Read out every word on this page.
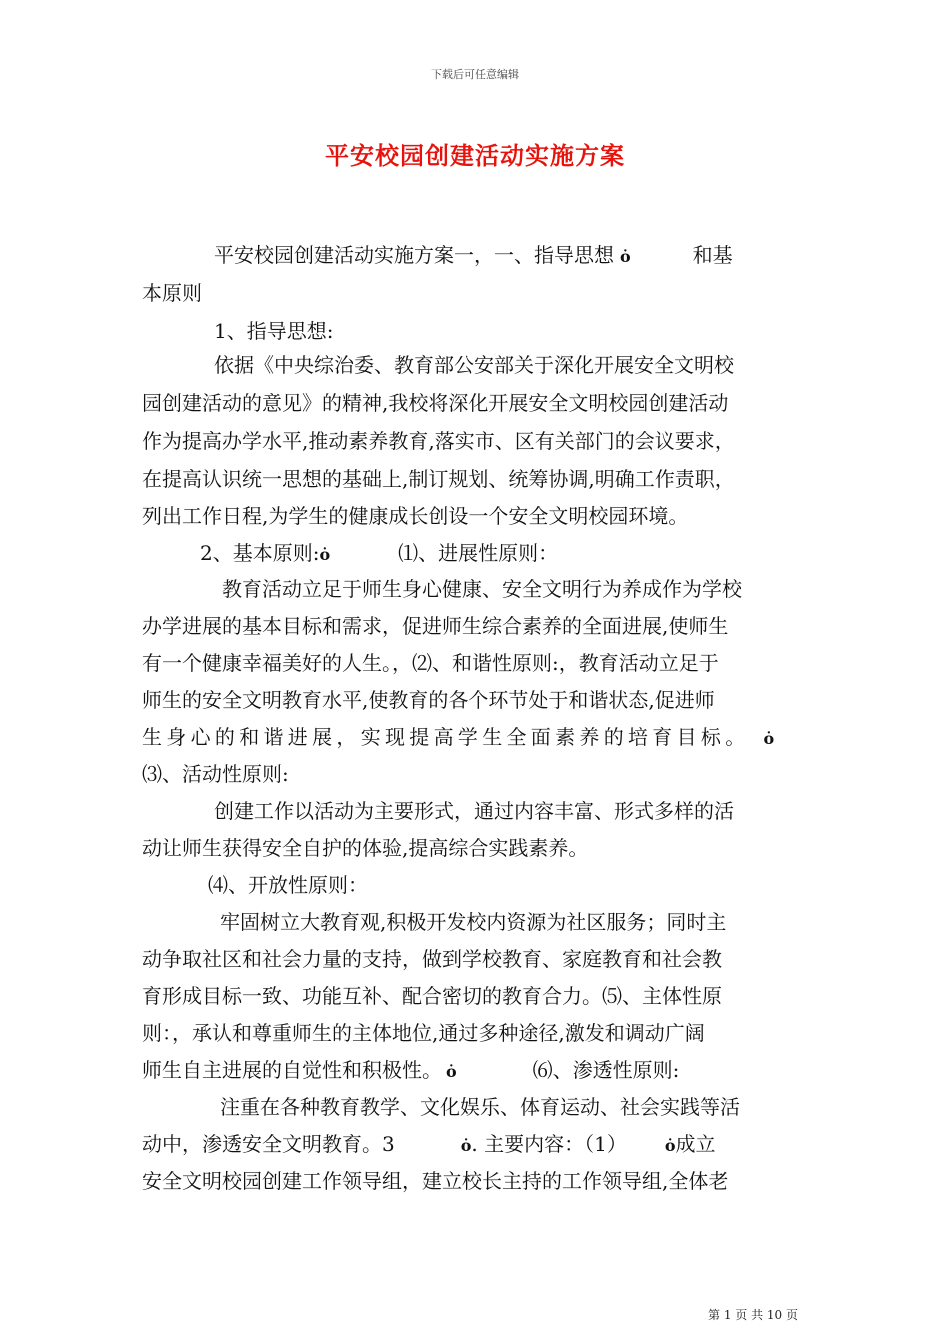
下载后可任意编辑
平安校园创建活动实施方案
平安校园创建活动实施方案一，一、指导思想 ȯ	和基
本原则
1、指导思想:
依据《中央综治委、教育部公安部关于深化开展安全文明校
园创建活动的意见》的精神,我校将深化开展安全文明校园创建活动
作为提高办学水平,推动素养教育,落实市、区有关部门的会议要求，
在提高认识统一思想的基础上,制订规划、统筹协调,明确工作责职，
列出工作日程,为学生的健康成长创设一个安全文明校园环境。
2、基本原则:ȯ	⑴、进展性原则：
教育活动立足于师生身心健康、安全文明行为养成作为学校
办学进展的基本目标和需求，促进师生综合素养的全面进展,使师生
有一个健康幸福美好的人生。，⑵、和谐性原则:，教育活动立足于
师生的安全文明教育水平,使教育的各个环节处于和谐状态,促进师
生身心的和谐进展，实现提高学生全面素养的培育目标。 ȯ
⑶、活动性原则:
创建工作以活动为主要形式，通过内容丰富、形式多样的活
动让师生获得安全自护的体验,提高综合实践素养。
⑷、开放性原则：
牢固树立大教育观,积极开发校内资源为社区服务；同时主
动争取社区和社会力量的支持，做到学校教育、家庭教育和社会教
育形成目标一致、功能互补、配合密切的教育合力。⑸、主体性原
则：，承认和尊重师生的主体地位,通过多种途径,激发和调动广阔
师生自主进展的自觉性和积极性。 ȯ	⑹、渗透性原则:
注重在各种教育教学、文化娱乐、体育运动、社会实践等活
动中，渗透安全文明教育。3	ȯ. 主要内容：（1） ȯ成立
安全文明校园创建工作领导组，建立校长主持的工作领导组,全体老
第 1 页 共 10 页
